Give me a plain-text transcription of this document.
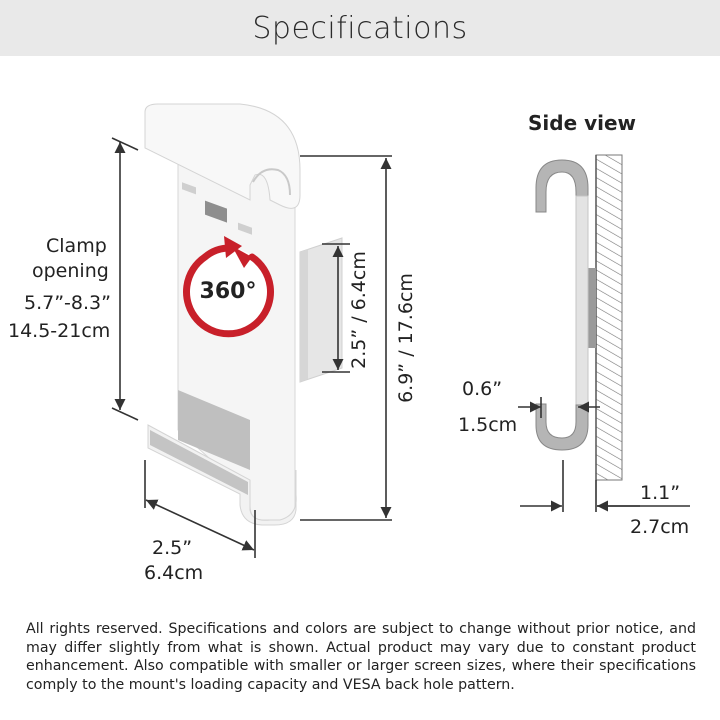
Specifications
360°	2.5” / 6.4cm 6.9” / 17.6cm
Clamp
opening
5.7”-8.3”
14.5-21cm
2.5”
6.4cm
Side view
0.6”
1.5cm
1.1”
2.7cm
All rights reserved. Specifications and colors are subject to change without prior notice, and may differ slightly from what is shown. Actual product may vary due to constant product enhancement. Also compatible with smaller or larger screen sizes, where their specifications comply to the mount's loading capacity and VESA back hole pattern.
